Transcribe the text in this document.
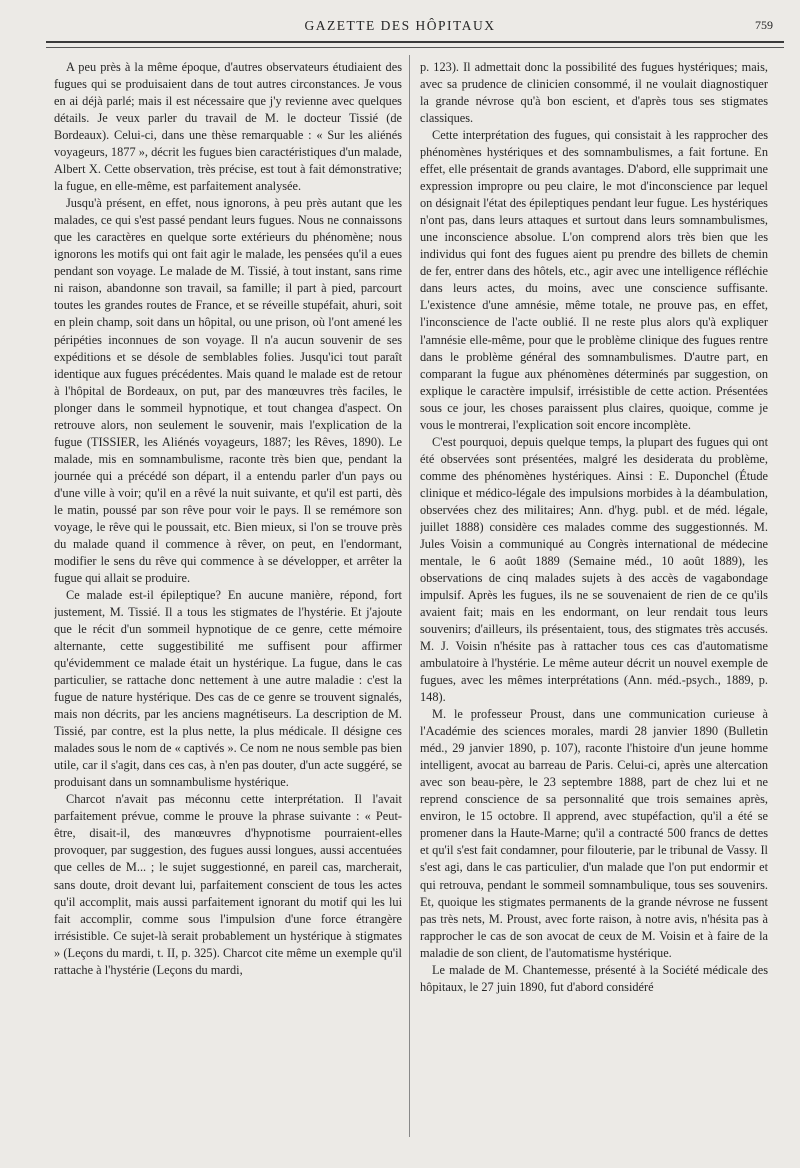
GAZETTE DES HÔPITAUX	759

A peu près à la même époque, d'autres observateurs étudiaient des fugues qui se produisaient dans de tout autres circonstances. Je vous en ai déjà parlé; mais il est nécessaire que j'y revienne avec quelques détails. Je veux parler du travail de M. le docteur Tissié (de Bordeaux). Celui-ci, dans une thèse remarquable : « Sur les aliénés voyageurs, 1877 », décrit les fugues bien caractéristiques d'un malade, Albert X. Cette observation, très précise, est tout à fait démonstrative; la fugue, en elle-même, est parfaitement analysée.

Jusqu'à présent, en effet, nous ignorons, à peu près autant que les malades, ce qui s'est passé pendant leurs fugues. Nous ne connaissons que les caractères en quelque sorte extérieurs du phénomène; nous ignorons les motifs qui ont fait agir le malade, les pensées qu'il a eues pendant son voyage. Le malade de M. Tissié, à tout instant, sans rime ni raison, abandonne son travail, sa famille; il part à pied, parcourt toutes les grandes routes de France, et se réveille stupéfait, ahuri, soit en plein champ, soit dans un hôpital, ou une prison, où l'ont amené les péripéties inconnues de son voyage. Il n'a aucun souvenir de ses expéditions et se désole de semblables folies. Jusqu'ici tout paraît identique aux fugues précédentes. Mais quand le malade est de retour à l'hôpital de Bordeaux, on put, par des manœuvres très faciles, le plonger dans le sommeil hypnotique, et tout changea d'aspect. On retrouve alors, non seulement le souvenir, mais l'explication de la fugue (TISSIER, les Aliénés voyageurs, 1887; les Rêves, 1890). Le malade, mis en somnambulisme, raconte très bien que, pendant la journée qui a précédé son départ, il a entendu parler d'un pays ou d'une ville à voir; qu'il en a rêvé la nuit suivante, et qu'il est parti, dès le matin, poussé par son rêve pour voir le pays. Il se remémore son voyage, le rêve qui le poussait, etc. Bien mieux, si l'on se trouve près du malade quand il commence à rêver, on peut, en l'endormant, modifier le sens du rêve qui commence à se développer, et arrêter la fugue qui allait se produire.

Ce malade est-il épileptique? En aucune manière, répond, fort justement, M. Tissié. Il a tous les stigmates de l'hystérie. Et j'ajoute que le récit d'un sommeil hypnotique de ce genre, cette mémoire alternante, cette suggestibilité me suffisent pour affirmer qu'évidemment ce malade était un hystérique. La fugue, dans le cas particulier, se rattache donc nettement à une autre maladie : c'est la fugue de nature hystérique. Des cas de ce genre se trouvent signalés, mais non décrits, par les anciens magnétiseurs. La description de M. Tissié, par contre, est la plus nette, la plus médicale. Il désigne ces malades sous le nom de « captivés ». Ce nom ne nous semble pas bien utile, car il s'agit, dans ces cas, à n'en pas douter, d'un acte suggéré, se produisant dans un somnambulisme hystérique.

Charcot n'avait pas méconnu cette interprétation. Il l'avait parfaitement prévue, comme le prouve la phrase suivante : « Peut-être, disait-il, des manœuvres d'hypnotisme pourraient-elles provoquer, par suggestion, des fugues aussi longues, aussi accentuées que celles de M... ; le sujet suggestionné, en pareil cas, marcherait, sans doute, droit devant lui, parfaitement conscient de tous les actes qu'il accomplit, mais aussi parfaitement ignorant du motif qui les lui fait accomplir, comme sous l'impulsion d'une force étrangère irrésistible. Ce sujet-là serait probablement un hystérique à stigmates » (Leçons du mardi, t. II, p. 325). Charcot cite même un exemple qu'il rattache à l'hystérie (Leçons du mardi,

p. 123). Il admettait donc la possibilité des fugues hystériques; mais, avec sa prudence de clinicien consommé, il ne voulait diagnostiquer la grande névrose qu'à bon escient, et d'après tous ses stigmates classiques.

Cette interprétation des fugues, qui consistait à les rapprocher des phénomènes hystériques et des somnambulismes, a fait fortune. En effet, elle présentait de grands avantages. D'abord, elle supprimait une expression impropre ou peu claire, le mot d'inconscience par lequel on désignait l'état des épileptiques pendant leur fugue. Les hystériques n'ont pas, dans leurs attaques et surtout dans leurs somnambulismes, une inconscience absolue. L'on comprend alors très bien que les individus qui font des fugues aient pu prendre des billets de chemin de fer, entrer dans des hôtels, etc., agir avec une intelligence réfléchie dans leurs actes, du moins, avec une conscience suffisante. L'existence d'une amnésie, même totale, ne prouve pas, en effet, l'inconscience de l'acte oublié. Il ne reste plus alors qu'à expliquer l'amnésie elle-même, pour que le problème clinique des fugues rentre dans le problème général des somnambulismes. D'autre part, en comparant la fugue aux phénomènes déterminés par suggestion, on explique le caractère impulsif, irrésistible de cette action. Présentées sous ce jour, les choses paraissent plus claires, quoique, comme je vous le montrerai, l'explication soit encore incomplète.

C'est pourquoi, depuis quelque temps, la plupart des fugues qui ont été observées sont présentées, malgré les desiderata du problème, comme des phénomènes hystériques. Ainsi : E. Duponchel (Étude clinique et médico-légale des impulsions morbides à la déambulation, observées chez des militaires; Ann. d'hyg. publ. et de méd. légale, juillet 1888) considère ces malades comme des suggestionnés. M. Jules Voisin a communiqué au Congrès international de médecine mentale, le 6 août 1889 (Semaine méd., 10 août 1889), les observations de cinq malades sujets à des accès de vagabondage impulsif. Après les fugues, ils ne se souvenaient de rien de ce qu'ils avaient fait; mais en les endormant, on leur rendait tous leurs souvenirs; d'ailleurs, ils présentaient, tous, des stigmates très accusés. M. J. Voisin n'hésite pas à rattacher tous ces cas d'automatisme ambulatoire à l'hystérie. Le même auteur décrit un nouvel exemple de fugues, avec les mêmes interprétations (Ann. méd.-psych., 1889, p. 148).

M. le professeur Proust, dans une communication curieuse à l'Académie des sciences morales, mardi 28 janvier 1890 (Bulletin méd., 29 janvier 1890, p. 107), raconte l'histoire d'un jeune homme intelligent, avocat au barreau de Paris. Celui-ci, après une altercation avec son beau-père, le 23 septembre 1888, part de chez lui et ne reprend conscience de sa personnalité que trois semaines après, environ, le 15 octobre. Il apprend, avec stupéfaction, qu'il a été se promener dans la Haute-Marne; qu'il a contracté 500 francs de dettes et qu'il s'est fait condamner, pour filouterie, par le tribunal de Vassy. Il s'est agi, dans le cas particulier, d'un malade que l'on put endormir et qui retrouva, pendant le sommeil somnambulique, tous ses souvenirs. Et, quoique les stigmates permanents de la grande névrose ne fussent pas très nets, M. Proust, avec forte raison, à notre avis, n'hésita pas à rapprocher le cas de son avocat de ceux de M. Voisin et à faire de la maladie de son client, de l'automatisme hystérique.

Le malade de M. Chantemesse, présenté à la Société médicale des hôpitaux, le 27 juin 1890, fut d'abord considéré
